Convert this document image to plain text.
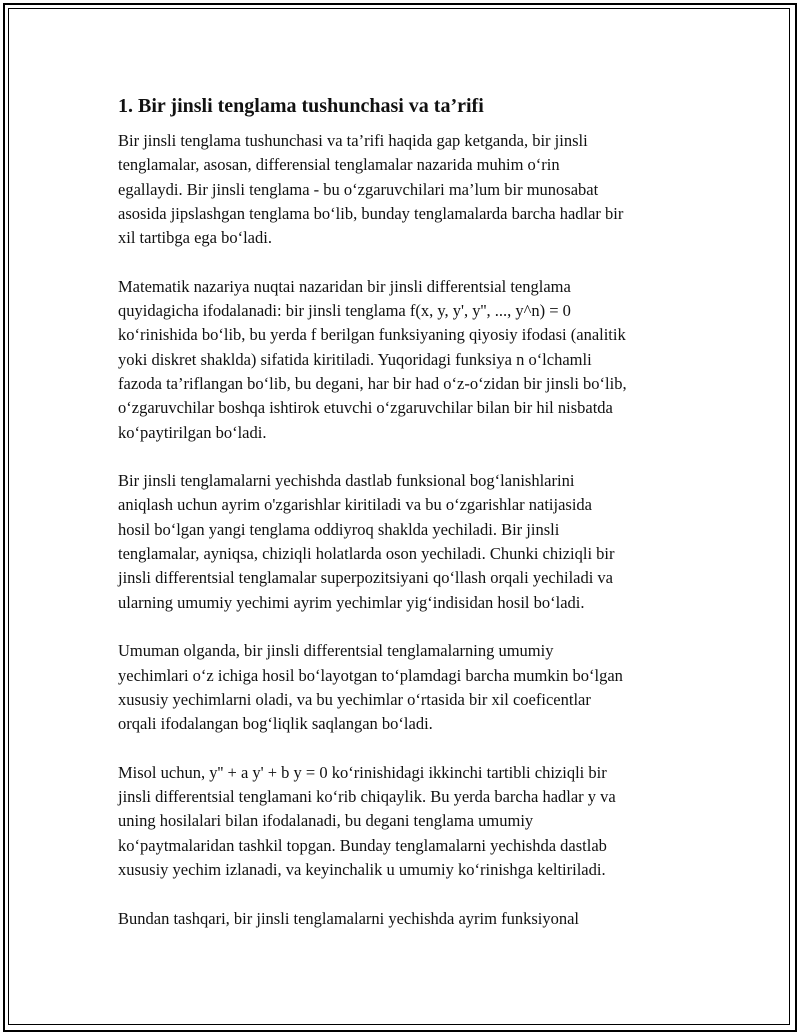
1. Bir jinsli tenglama tushunchasi va ta’rifi

Bir jinsli tenglama tushunchasi va ta’rifi haqida gap ketganda, bir jinsli
tenglamalar, asosan, differensial tenglamalar nazarida muhim o‘rin
egallaydi. Bir jinsli tenglama - bu o‘zgaruvchilari ma’lum bir munosabat
asosida jipslashgan tenglama bo‘lib, bunday tenglamalarda barcha hadlar bir
xil tartibga ega bo‘ladi.

Matematik nazariya nuqtai nazaridan bir jinsli differentsial tenglama
quyidagicha ifodalanadi: bir jinsli tenglama f(x, y, y', y'', ..., y^n) = 0
ko‘rinishida bo‘lib, bu yerda f berilgan funksiyaning qiyosiy ifodasi (analitik
yoki diskret shaklda) sifatida kiritiladi. Yuqoridagi funksiya n o‘lchamli
fazoda ta’riflangan bo‘lib, bu degani, har bir had o‘z-o‘zidan bir jinsli bo‘lib,
o‘zgaruvchilar boshqa ishtirok etuvchi o‘zgaruvchilar bilan bir hil nisbatda
ko‘paytirilgan bo‘ladi.

Bir jinsli tenglamalarni yechishda dastlab funksional bog‘lanishlarini
aniqlash uchun ayrim o'zgarishlar kiritiladi va bu o‘zgarishlar natijasida
hosil bo‘lgan yangi tenglama oddiyroq shaklda yechiladi. Bir jinsli
tenglamalar, ayniqsa, chiziqli holatlarda oson yechiladi. Chunki chiziqli bir
jinsli differentsial tenglamalar superpozitsiyani qo‘llash orqali yechiladi va
ularning umumiy yechimi ayrim yechimlar yig‘indisidan hosil bo‘ladi.

Umuman olganda, bir jinsli differentsial tenglamalarning umumiy
yechimlari o‘z ichiga hosil bo‘layotgan to‘plamdagi barcha mumkin bo‘lgan
xususiy yechimlarni oladi, va bu yechimlar o‘rtasida bir xil coeficentlar
orqali ifodalangan bog‘liqlik saqlangan bo‘ladi.

Misol uchun, y'' + a y' + b y = 0 ko‘rinishidagi ikkinchi tartibli chiziqli bir
jinsli differentsial tenglamani ko‘rib chiqaylik. Bu yerda barcha hadlar y va
uning hosilalari bilan ifodalanadi, bu degani tenglama umumiy
ko‘paytmalaridan tashkil topgan. Bunday tenglamalarni yechishda dastlab
xususiy yechim izlanadi, va keyinchalik u umumiy ko‘rinishga keltiriladi.

Bundan tashqari, bir jinsli tenglamalarni yechishda ayrim funksiyonal
